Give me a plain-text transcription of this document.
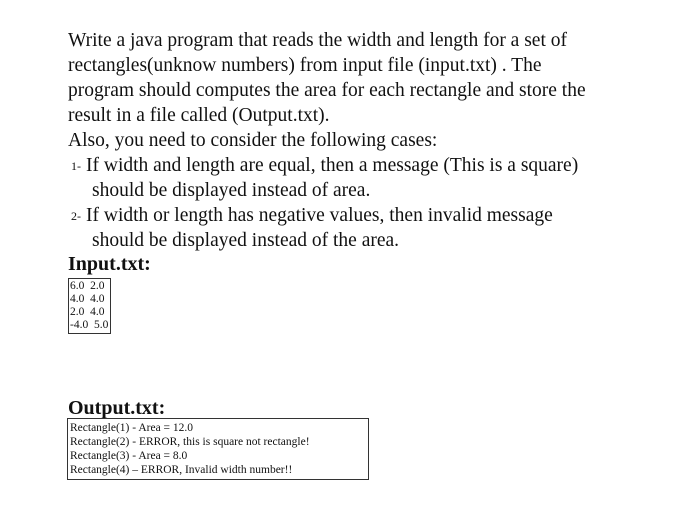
Write a java program that reads the width and length for a set of

rectangles(unknow numbers) from input file (input.txt) . The

program should computes the area for each rectangle and store the

result in a file called (Output.txt).

Also, you need to consider the following cases:

1- If width and length are equal, then a message (This is a square)
should be displayed instead of area.
2- If width or length has negative values, then invalid message
should be displayed instead of the area.

Input.txt:

6.0  2.0
4.0  4.0
2.0  4.0
-4.0  5.0
Output.txt:
Rectangle(1) - Area = 12.0
Rectangle(2) - ERROR, this is square not rectangle!
Rectangle(3) - Area = 8.0
Rectangle(4) – ERROR, Invalid width number!!
